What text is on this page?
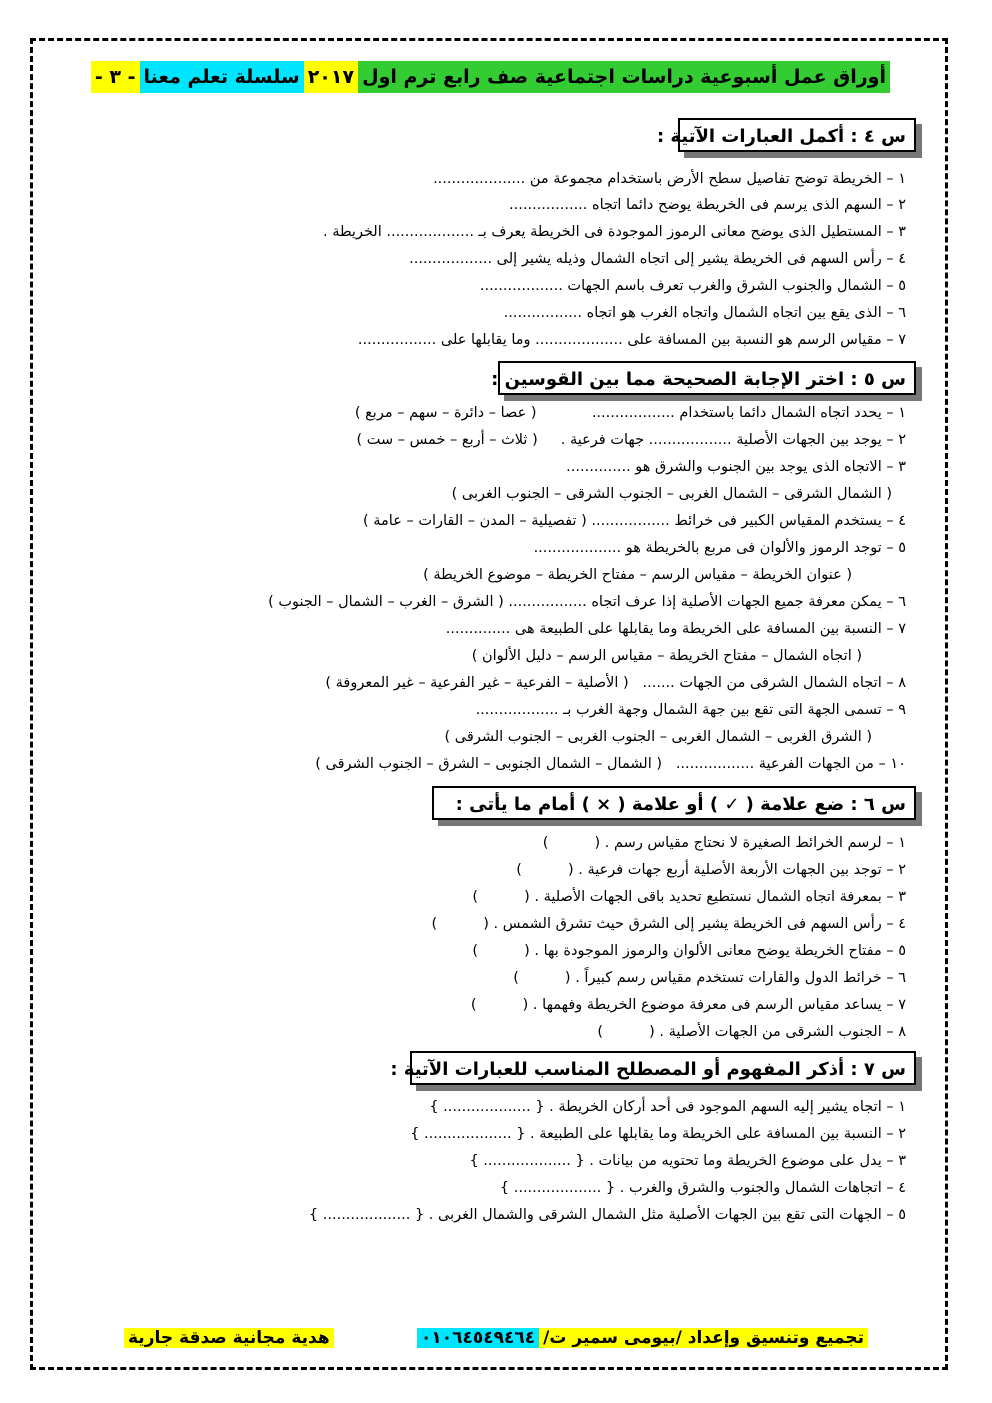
أوراق عمل أسبوعية دراسات اجتماعية صف رابع ترم اول
٢٠١٧
سلسلة تعلم معنا
- ٣ -
س ٤ : أكمل العبارات الآتية :
١ – الخريطة توضح تفاصيل سطح الأرض باستخدام مجموعة من ....................
٢ – السهم الذى يرسم فى الخريطة يوضح دائما اتجاه .................
٣ – المستطيل الذى يوضح معانى الرموز الموجودة فى الخريطة يعرف بـ ................... الخريطة .
٤ – رأس السهم فى الخريطة يشير إلى اتجاه الشمال وذيله يشير إلى ..................
٥ – الشمال والجنوب الشرق والغرب تعرف باسم الجهات ..................
٦ – الذى يقع بين اتجاه الشمال واتجاه الغرب هو اتجاه .................
٧ – مقياس الرسم هو النسبة بين المسافة على ................... وما يقابلها على .................
س ٥ : اختر الإجابة الصحيحة مما بين القوسين :
١ – يحدد اتجاه الشمال دائما باستخدام ..................            ( عصا – دائرة – سهم – مربع )
٢ – يوجد بين الجهات الأصلية .................. جهات فرعية .     ( ثلاث – أربع – خمس – ست )
٣ – الاتجاه الذى يوجد بين الجنوب والشرق هو ..............
( الشمال الشرقى – الشمال الغربى – الجنوب الشرقى – الجنوب الغربى )
٤ – يستخدم المقياس الكبير فى خرائط ................. ( تفصيلية – المدن – القارات – عامة )
٥ – توجد الرموز والألوان فى مربع بالخريطة هو ...................
( عنوان الخريطة – مقياس الرسم – مفتاح الخريطة – موضوع الخريطة )
٦ – يمكن معرفة جميع الجهات الأصلية إذا عرف اتجاه ................. ( الشرق – الغرب – الشمال – الجنوب )
٧ – النسبة بين المسافة على الخريطة وما يقابلها على الطبيعة هى ..............
( اتجاه الشمال – مفتاح الخريطة – مقياس الرسم – دليل الألوان )
٨ – اتجاه الشمال الشرقى من الجهات .......   ( الأصلية – الفرعية – غير الفرعية – غير المعروفة )
٩ – تسمى الجهة التى تقع بين جهة الشمال وجهة الغرب بـ ..................
( الشرق الغربى – الشمال الغربى – الجنوب الغربى – الجنوب الشرقى )
١٠ – من الجهات الفرعية .................   ( الشمال – الشمال الجنوبى – الشرق – الجنوب الشرقى )
س ٦ : ضع علامة ( ✓ ) أو علامة ( × ) أمام ما يأتى :
١ – لرسم الخرائط الصغيرة لا نحتاج مقياس رسم . (          )
٢ – توجد بين الجهات الأربعة الأصلية أربع جهات فرعية . (          )
٣ – بمعرفة اتجاه الشمال نستطيع تحديد باقى الجهات الأصلية . (          )
٤ – رأس السهم فى الخريطة يشير إلى الشرق حيث تشرق الشمس . (          )
٥ – مفتاح الخريطة يوضح معانى الألوان والرموز الموجودة بها . (          )
٦ – خرائط الدول والقارات تستخدم مقياس رسم كبيراً . (          )
٧ – يساعد مقياس الرسم فى معرفة موضوع الخريطة وفهمها . (          )
٨ – الجنوب الشرقى من الجهات الأصلية . (          )
س ٧ : أذكر المفهوم أو المصطلح المناسب للعبارات الآتية :
١ – اتجاه يشير إليه السهم الموجود فى أحد أركان الخريطة . { ................... }
٢ – النسبة بين المسافة على الخريطة وما يقابلها على الطبيعة . { ................... }
٣ – يدل على موضوع الخريطة وما تحتويه من بيانات . { ................... }
٤ – اتجاهات الشمال والجنوب والشرق والغرب . { ................... }
٥ – الجهات التى تقع بين الجهات الأصلية مثل الشمال الشرقى والشمال الغربى . { ................... }
تجميع وتنسيق وإعداد /بيومى سمير ت/٠١٠٦٤٥٤٩٤٦٤
هدية مجانية صدقة جارية
